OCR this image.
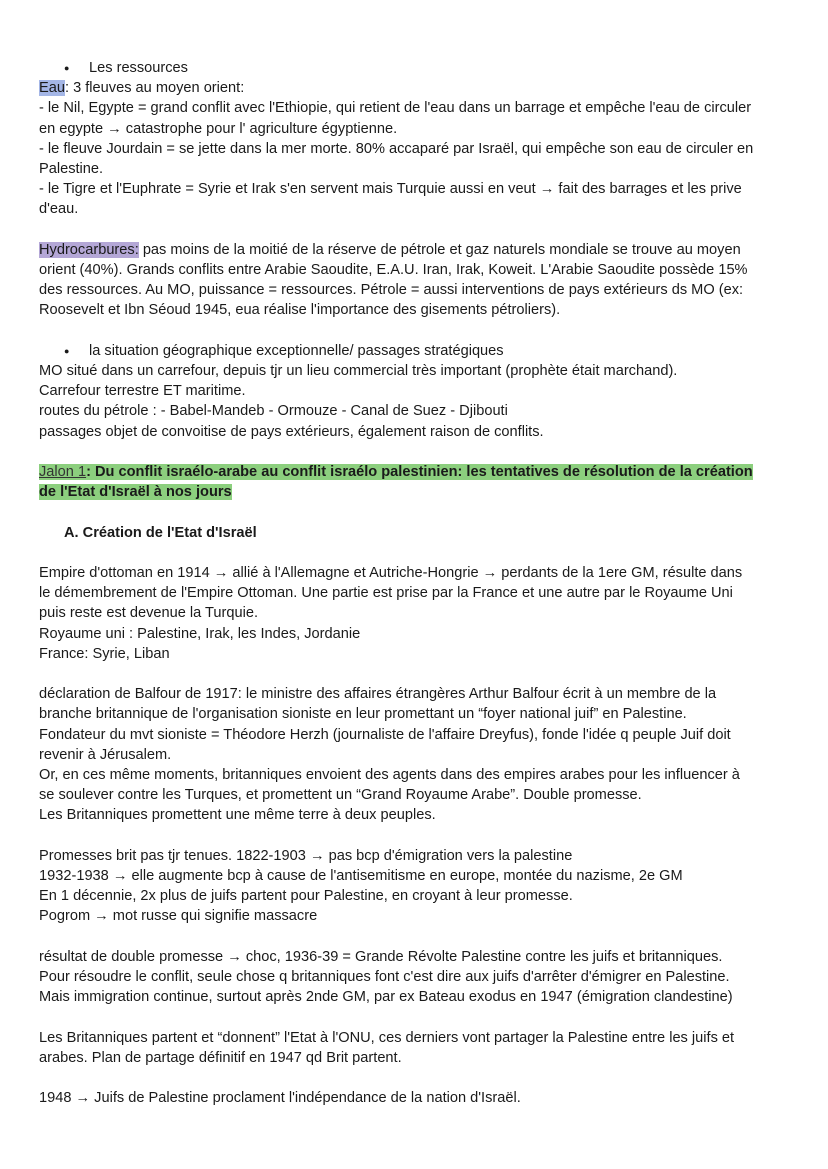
● Les ressources

Eau: 3 fleuves au moyen orient:

- le Nil, Egypte = grand conflit avec l'Ethiopie, qui retient de l'eau dans un barrage et empêche l'eau de circuler

en egypte → catastrophe pour l' agriculture égyptienne.

- le fleuve Jourdain = se jette dans la mer morte. 80% accaparé par Israël, qui empêche son eau de circuler en

Palestine.

- le Tigre et l'Euphrate = Syrie et Irak s'en servent mais Turquie aussi en veut → fait des barrages et les prive

d'eau.

Hydrocarbures: pas moins de la moitié de la réserve de pétrole et gaz naturels mondiale se trouve au moyen

orient (40%). Grands conflits entre Arabie Saoudite, E.A.U. Iran, Irak, Koweit. L'Arabie Saoudite possède 15%

des ressources. Au MO, puissance = ressources. Pétrole = aussi interventions de pays extérieurs ds MO (ex:

Roosevelt et Ibn Séoud 1945, eua réalise l'importance des gisements pétroliers).

● la situation géographique exceptionnelle/ passages stratégiques

MO situé dans un carrefour, depuis tjr un lieu commercial très important (prophète était marchand).

Carrefour terrestre ET maritime.

routes du pétrole : - Babel-Mandeb - Ormouze - Canal de Suez - Djibouti

passages objet de convoitise de pays extérieurs, également raison de conflits.

Jalon 1: Du conflit israélo-arabe au conflit israélo palestinien: les tentatives de résolution de la création

de l'Etat d'Israël à nos jours

A. Création de l'Etat d'Israël

Empire d'ottoman en 1914 → allié à l'Allemagne et Autriche-Hongrie → perdants de la 1ere GM, résulte dans

le démembrement de l'Empire Ottoman. Une partie est prise par la France et une autre par le Royaume Uni

puis reste est devenue la Turquie.

Royaume uni : Palestine, Irak, les Indes, Jordanie

France: Syrie, Liban

déclaration de Balfour de 1917: le ministre des affaires étrangères Arthur Balfour écrit à un membre de la

branche britannique de l'organisation sioniste en leur promettant un “foyer national juif” en Palestine.

Fondateur du mvt sioniste = Théodore Herzh (journaliste de l'affaire Dreyfus), fonde l'idée q peuple Juif doit

revenir à Jérusalem.

Or, en ces même moments, britanniques envoient des agents dans des empires arabes pour les influencer à

se soulever contre les Turques, et promettent un “Grand Royaume Arabe”. Double promesse.

Les Britanniques promettent une même terre à deux peuples.

Promesses brit pas tjr tenues. 1822-1903 → pas bcp d'émigration vers la palestine

1932-1938 → elle augmente bcp à cause de l'antisemitisme en europe, montée du nazisme, 2e GM

En 1 décennie, 2x plus de juifs partent pour Palestine, en croyant à leur promesse.

Pogrom → mot russe qui signifie massacre

résultat de double promesse → choc, 1936-39 = Grande Révolte Palestine contre les juifs et britanniques.

Pour résoudre le conflit, seule chose q britanniques font c'est dire aux juifs d'arrêter d'émigrer en Palestine.

Mais immigration continue, surtout après 2nde GM, par ex Bateau exodus en 1947 (émigration clandestine)

Les Britanniques partent et “donnent” l'Etat à l'ONU, ces derniers vont partager la Palestine entre les juifs et

arabes. Plan de partage définitif en 1947 qd Brit partent.

1948 → Juifs de Palestine proclament l'indépendance de la nation d'Israël.
